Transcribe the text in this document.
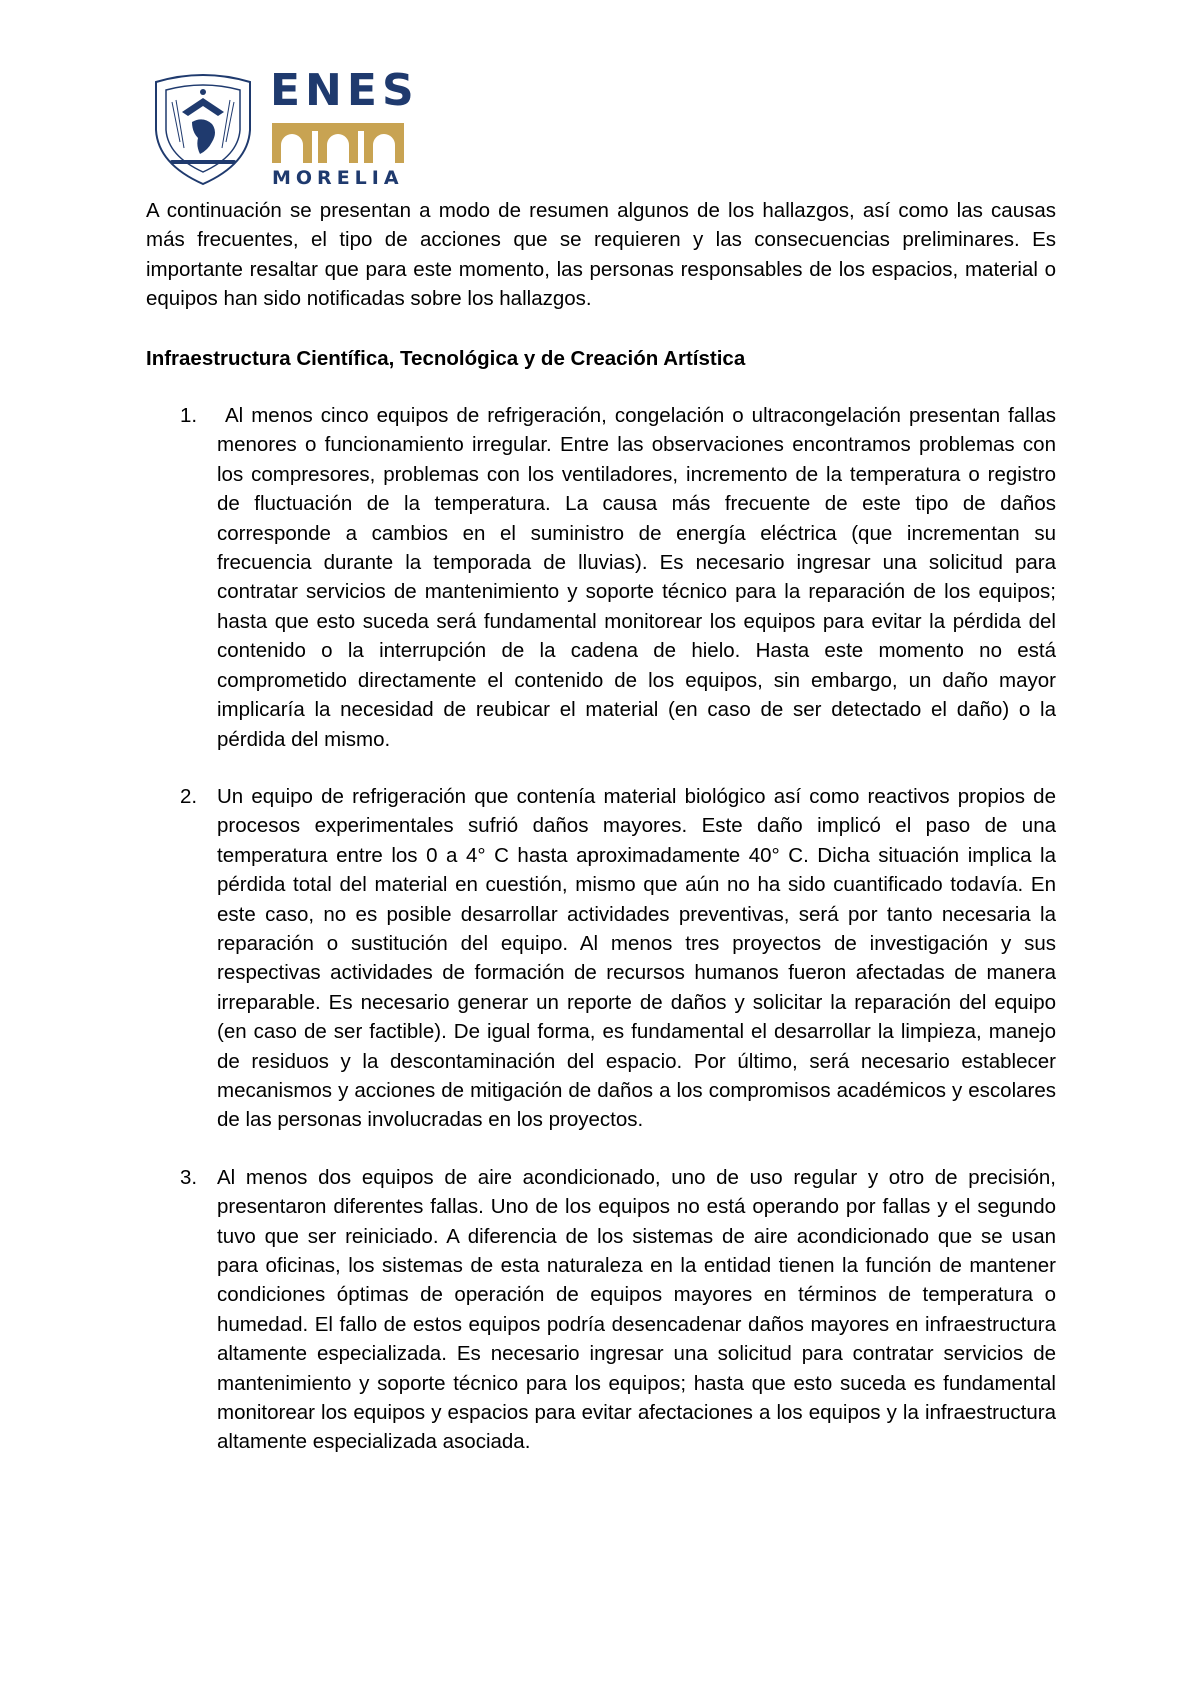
ENES
MORELIA

A continuación se presentan a modo de resumen algunos de los hallazgos, así como las causas más frecuentes, el tipo de acciones que se requieren y las consecuencias preliminares. Es importante resaltar que para este momento, las personas responsables de los espacios, material o equipos han sido notificadas sobre los hallazgos.

Infraestructura Científica, Tecnológica y de Creación Artística

1. Al menos cinco equipos de refrigeración, congelación o ultracongelación presentan fallas menores o funcionamiento irregular. Entre las observaciones encontramos problemas con los compresores, problemas con los ventiladores, incremento de la temperatura o registro de fluctuación de la temperatura. La causa más frecuente de este tipo de daños corresponde a cambios en el suministro de energía eléctrica (que incrementan su frecuencia durante la temporada de lluvias). Es necesario ingresar una solicitud para contratar servicios de mantenimiento y soporte técnico para la reparación de los equipos; hasta que esto suceda será fundamental monitorear los equipos para evitar la pérdida del contenido o la interrupción de la cadena de hielo. Hasta este momento no está comprometido directamente el contenido de los equipos, sin embargo, un daño mayor implicaría la necesidad de reubicar el material (en caso de ser detectado el daño) o la pérdida del mismo.
2. Un equipo de refrigeración que contenía material biológico así como reactivos propios de procesos experimentales sufrió daños mayores. Este daño implicó el paso de una temperatura entre los 0 a 4° C hasta aproximadamente 40° C. Dicha situación implica la pérdida total del material en cuestión, mismo que aún no ha sido cuantificado todavía. En este caso, no es posible desarrollar actividades preventivas, será por tanto necesaria la reparación o sustitución del equipo. Al menos tres proyectos de investigación y sus respectivas actividades de formación de recursos humanos fueron afectadas de manera irreparable. Es necesario generar un reporte de daños y solicitar la reparación del equipo (en caso de ser factible). De igual forma, es fundamental el desarrollar la limpieza, manejo de residuos y la descontaminación del espacio. Por último, será necesario establecer mecanismos y acciones de mitigación de daños a los compromisos académicos y escolares de las personas involucradas en los proyectos.
3. Al menos dos equipos de aire acondicionado, uno de uso regular y otro de precisión, presentaron diferentes fallas. Uno de los equipos no está operando por fallas y el segundo tuvo que ser reiniciado. A diferencia de los sistemas de aire acondicionado que se usan para oficinas, los sistemas de esta naturaleza en la entidad tienen la función de mantener condiciones óptimas de operación de equipos mayores en términos de temperatura o humedad. El fallo de estos equipos podría desencadenar daños mayores en infraestructura altamente especializada. Es necesario ingresar una solicitud para contratar servicios de mantenimiento y soporte técnico para los equipos; hasta que esto suceda es fundamental monitorear los equipos y espacios para evitar afectaciones a los equipos y la infraestructura altamente especializada asociada.
